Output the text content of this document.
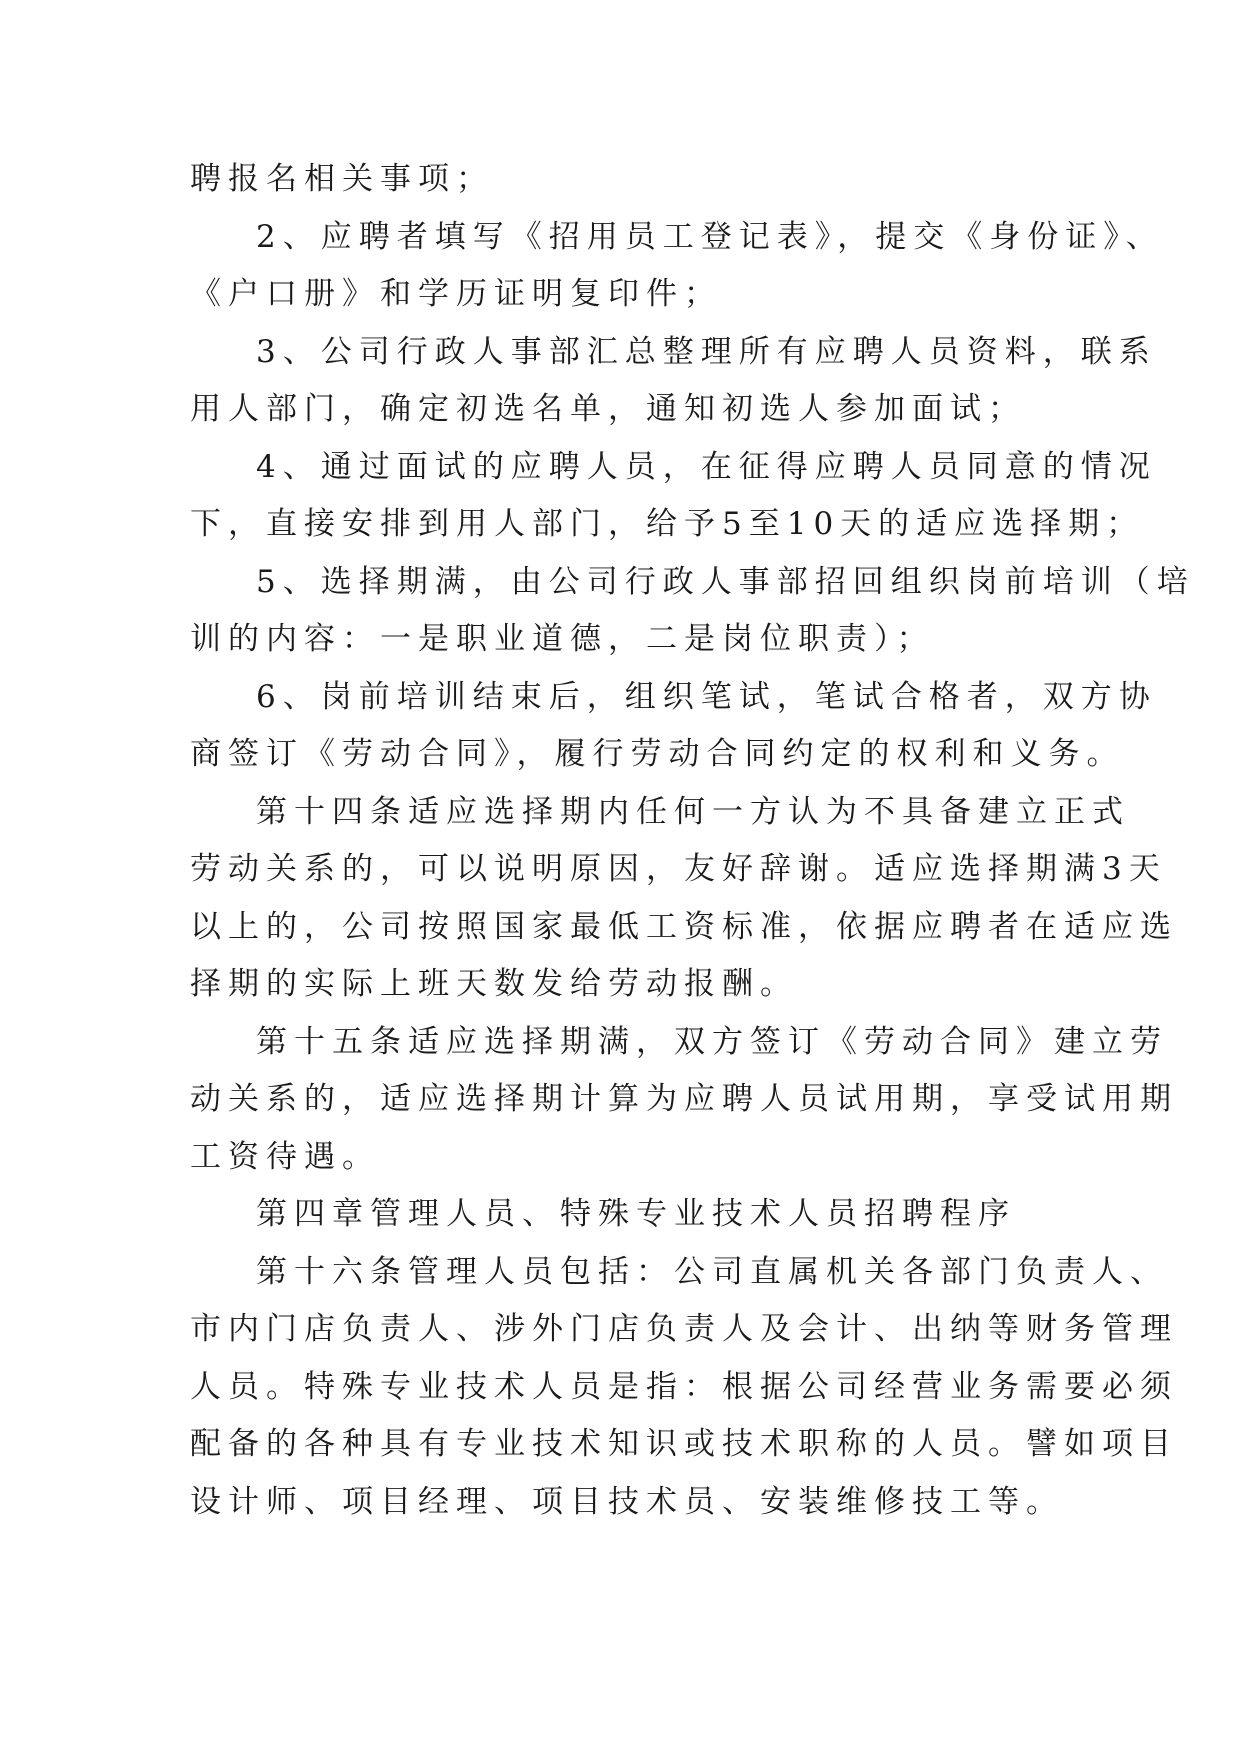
聘报名相关事项；
2、应聘者填写《招用员工登记表》，提交《身份证》、
《户口册》和学历证明复印件；
3、公司行政人事部汇总整理所有应聘人员资料，联系
用人部门，确定初选名单，通知初选人参加面试；
4、通过面试的应聘人员，在征得应聘人员同意的情况
下，直接安排到用人部门，给予5至10天的适应选择期；
5、选择期满，由公司行政人事部招回组织岗前培训（培
训的内容：一是职业道德，二是岗位职责）；
6、岗前培训结束后，组织笔试，笔试合格者，双方协
商签订《劳动合同》，履行劳动合同约定的权利和义务。
第十四条适应选择期内任何一方认为不具备建立正式
劳动关系的，可以说明原因，友好辞谢。适应选择期满3天
以上的，公司按照国家最低工资标准，依据应聘者在适应选
择期的实际上班天数发给劳动报酬。
第十五条适应选择期满，双方签订《劳动合同》建立劳
动关系的，适应选择期计算为应聘人员试用期，享受试用期
工资待遇。
第四章管理人员、特殊专业技术人员招聘程序
第十六条管理人员包括：公司直属机关各部门负责人、
市内门店负责人、涉外门店负责人及会计、出纳等财务管理
人员。特殊专业技术人员是指：根据公司经营业务需要必须
配备的各种具有专业技术知识或技术职称的人员。譬如项目
设计师、项目经理、项目技术员、安装维修技工等。
